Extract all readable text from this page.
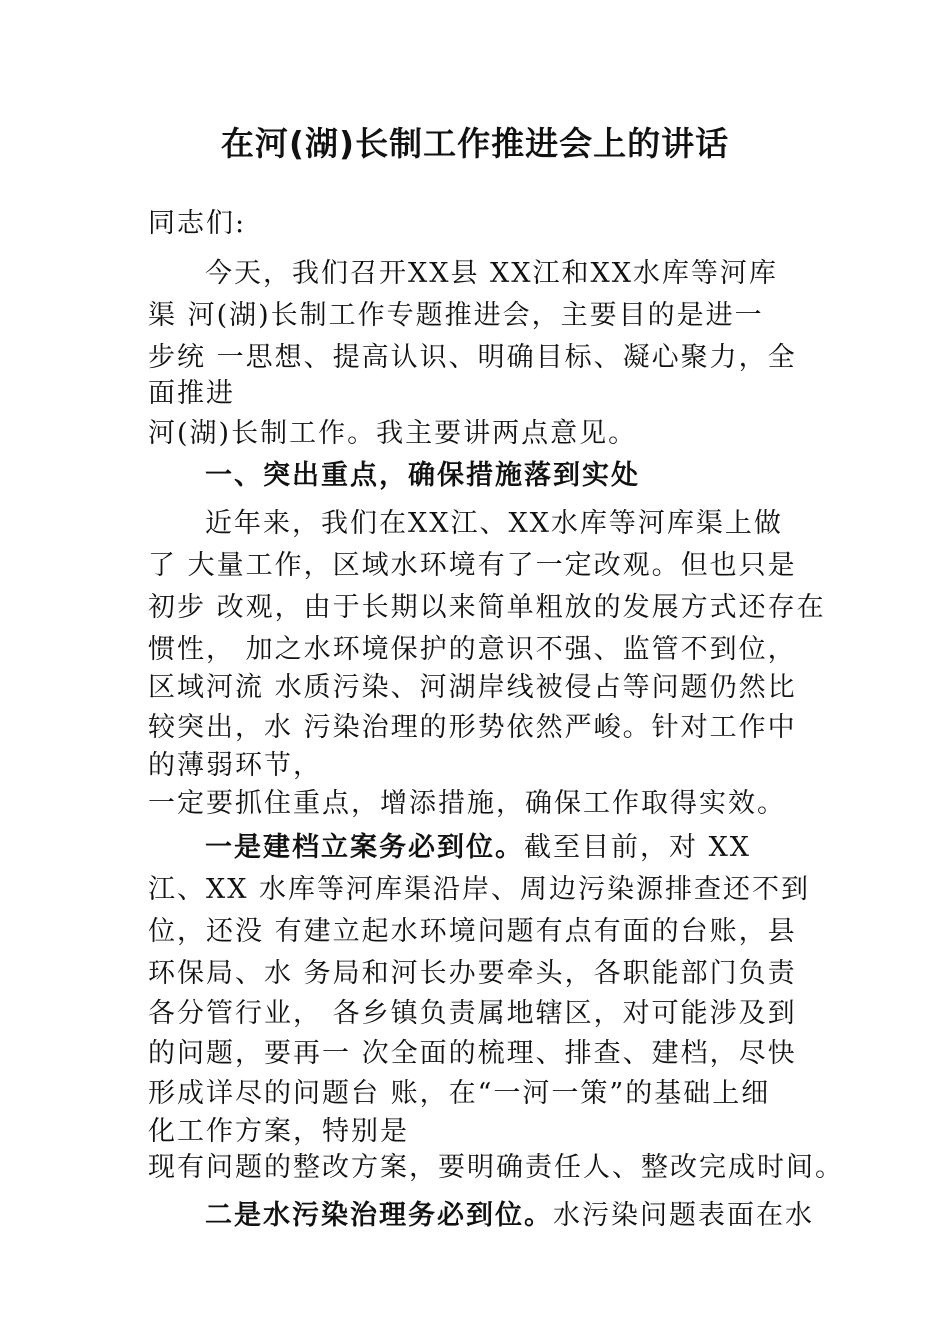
在河(湖)长制工作推进会上的讲话
同志们:
今天，我们召开XX县 XX江和XX水库等河库
渠 河(湖)长制工作专题推进会，主要目的是进一
步统 一思想、提高认识、明确目标、凝心聚力，全
面推进
河(湖)长制工作。我主要讲两点意见。
一、突出重点，确保措施落到实处
近年来，我们在XX江、XX水库等河库渠上做
了 大量工作，区域水环境有了一定改观。但也只是
初步 改观，由于长期以来简单粗放的发展方式还存在
惯性， 加之水环境保护的意识不强、监管不到位，
区域河流 水质污染、河湖岸线被侵占等问题仍然比
较突出，水 污染治理的形势依然严峻。针对工作中
的薄弱环节，
一定要抓住重点，增添措施，确保工作取得实效。
一是建档立案务必到位。截至目前，对 XX
江、XX 水库等河库渠沿岸、周边污染源排查还不到
位，还没 有建立起水环境问题有点有面的台账，县
环保局、水 务局和河长办要牵头，各职能部门负责
各分管行业， 各乡镇负责属地辖区，对可能涉及到
的问题，要再一 次全面的梳理、排查、建档，尽快
形成详尽的问题台 账，在“一河一策”的基础上细
化工作方案，特别是
现有问题的整改方案，要明确责任人、整改完成时间。
二是水污染治理务必到位。水污染问题表面在水
